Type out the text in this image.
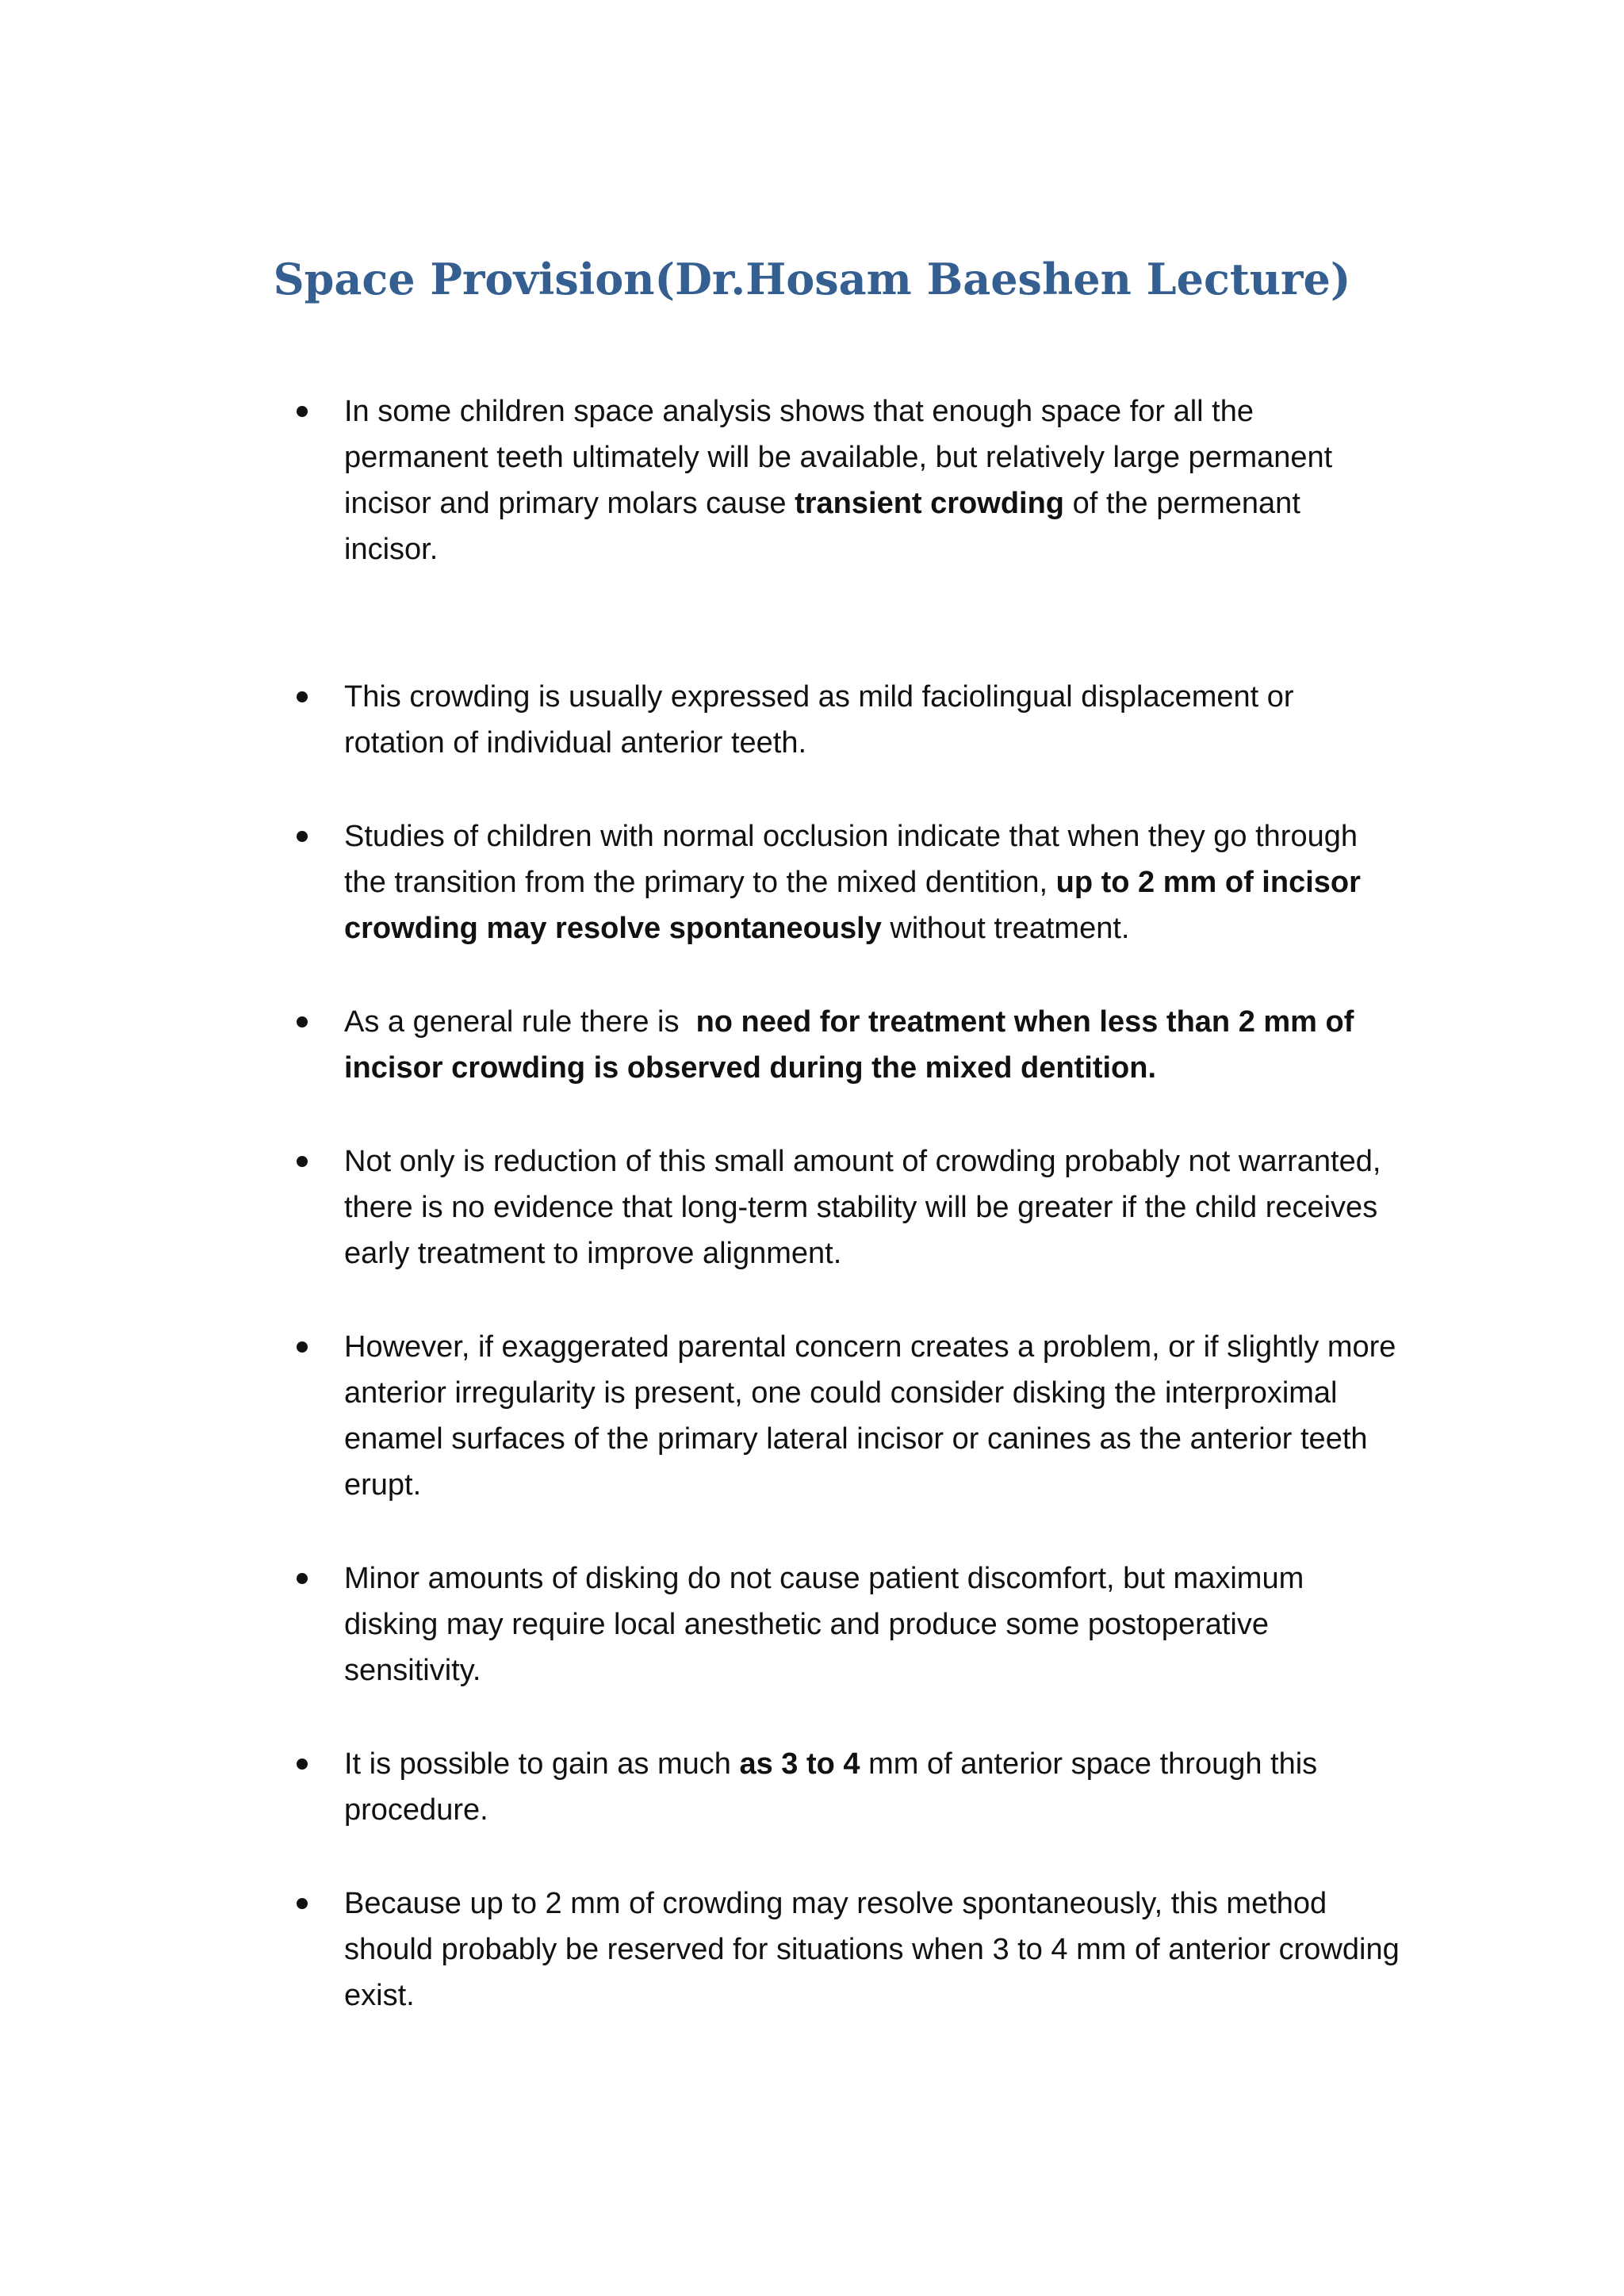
Space Provision(Dr.Hosam Baeshen Lecture)
In some children space analysis shows that enough space for all the permanent teeth ultimately will be available, but relatively large permanent incisor and primary molars cause transient crowding of the permenant incisor.
This crowding is usually expressed as mild faciolingual displacement or rotation of individual anterior teeth.
Studies of children with normal occlusion indicate that when they go through the transition from the primary to the mixed dentition, up to 2 mm of incisor crowding may resolve spontaneously without treatment.
As a general rule there is  no need for treatment when less than 2 mm of incisor crowding is observed during the mixed dentition.
Not only is reduction of this small amount of crowding probably not warranted, there is no evidence that long-term stability will be greater if the child receives early treatment to improve alignment.
However, if exaggerated parental concern creates a problem, or if slightly more anterior irregularity is present, one could consider disking the interproximal enamel surfaces of the primary lateral incisor or canines as the anterior teeth erupt.
Minor amounts of disking do not cause patient discomfort, but maximum disking may require local anesthetic and produce some postoperative sensitivity.
It is possible to gain as much as 3 to 4 mm of anterior space through this procedure.
Because up to 2 mm of crowding may resolve spontaneously, this method should probably be reserved for situations when 3 to 4 mm of anterior crowding exist.
